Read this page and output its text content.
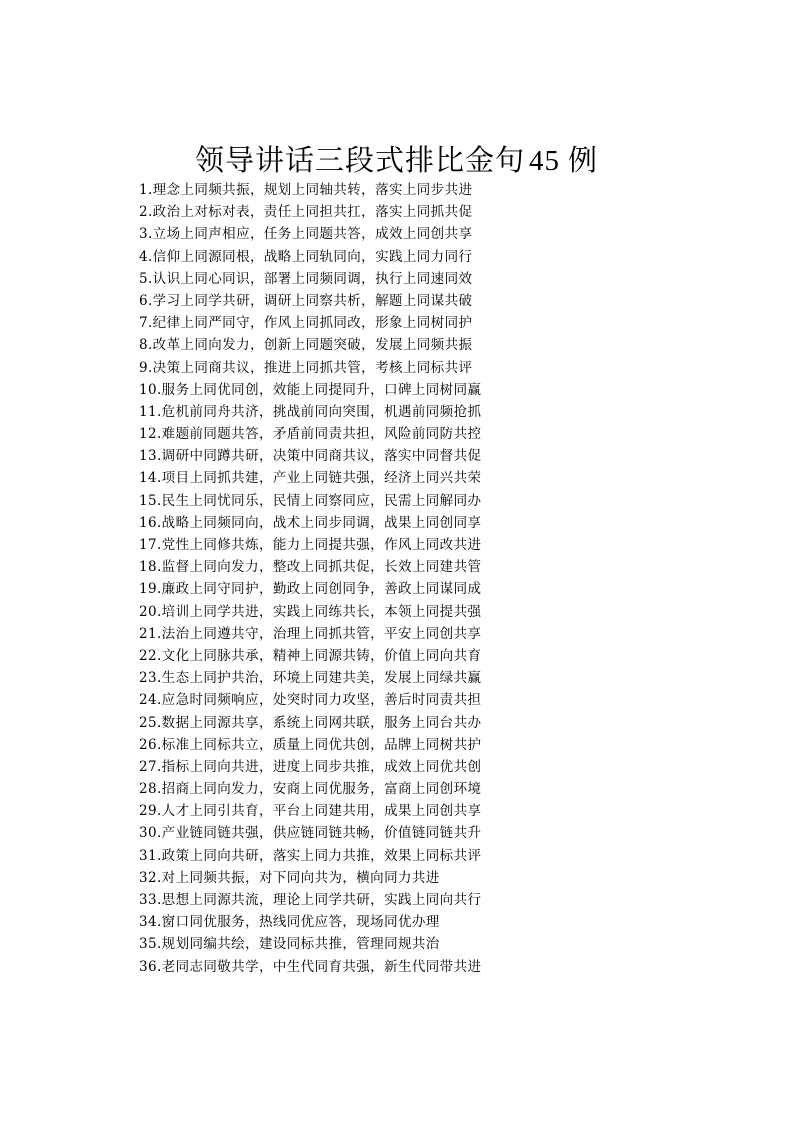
领导讲话三段式排比金句 45 例
1.理念上同频共振，规划上同轴共转，落实上同步共进
2.政治上对标对表，责任上同担共扛，落实上同抓共促
3.立场上同声相应，任务上同题共答，成效上同创共享
4.信仰上同源同根，战略上同轨同向，实践上同力同行
5.认识上同心同识，部署上同频同调，执行上同速同效
6.学习上同学共研，调研上同察共析，解题上同谋共破
7.纪律上同严同守，作风上同抓同改，形象上同树同护
8.改革上同向发力，创新上同题突破，发展上同频共振
9.决策上同商共议，推进上同抓共管，考核上同标共评
10.服务上同优同创，效能上同提同升，口碑上同树同赢
11.危机前同舟共济，挑战前同向突围，机遇前同频抢抓
12.难题前同题共答，矛盾前同责共担，风险前同防共控
13.调研中同蹲共研，决策中同商共议，落实中同督共促
14.项目上同抓共建，产业上同链共强，经济上同兴共荣
15.民生上同忧同乐，民情上同察同应，民需上同解同办
16.战略上同频同向，战术上同步同调，战果上同创同享
17.党性上同修共炼，能力上同提共强，作风上同改共进
18.监督上同向发力，整改上同抓共促，长效上同建共管
19.廉政上同守同护，勤政上同创同争，善政上同谋同成
20.培训上同学共进，实践上同练共长，本领上同提共强
21.法治上同遵共守，治理上同抓共管，平安上同创共享
22.文化上同脉共承，精神上同源共铸，价值上同向共育
23.生态上同护共治，环境上同建共美，发展上同绿共赢
24.应急时同频响应，处突时同力攻坚，善后时同责共担
25.数据上同源共享，系统上同网共联，服务上同台共办
26.标准上同标共立，质量上同优共创，品牌上同树共护
27.指标上同向共进，进度上同步共推，成效上同优共创
28.招商上同向发力，安商上同优服务，富商上同创环境
29.人才上同引共育，平台上同建共用，成果上同创共享
30.产业链同链共强，供应链同链共畅，价值链同链共升
31.政策上同向共研，落实上同力共推，效果上同标共评
32.对上同频共振，对下同向共为，横向同力共进
33.思想上同源共流，理论上同学共研，实践上同向共行
34.窗口同优服务，热线同优应答，现场同优办理
35.规划同编共绘，建设同标共推，管理同规共治
36.老同志同敬共学，中生代同育共强，新生代同带共进
